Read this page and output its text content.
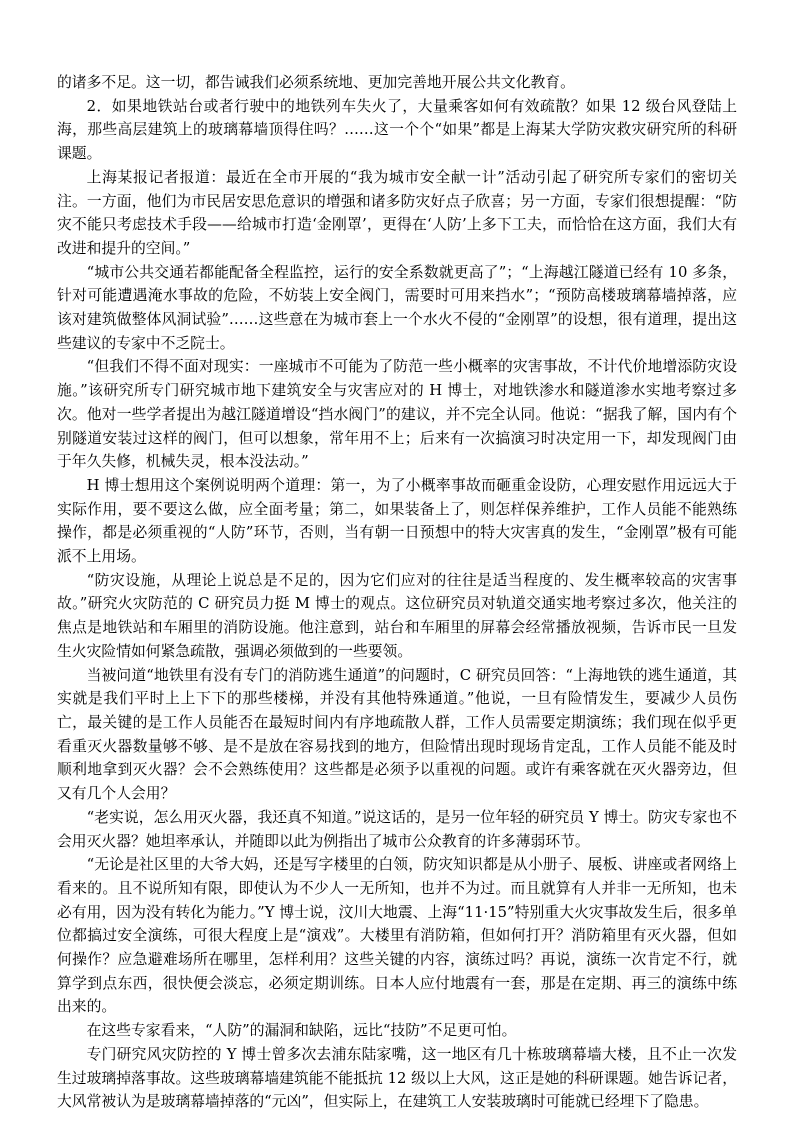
的诸多不足。这一切，都告诫我们必须系统地、更加完善地开展公共文化教育。

2．如果地铁站台或者行驶中的地铁列车失火了，大量乘客如何有效疏散？如果 12 级台风登陆上海，那些高层建筑上的玻璃幕墙顶得住吗？……这一个个“如果”都是上海某大学防灾救灾研究所的科研课题。

上海某报记者报道：最近在全市开展的“我为城市安全献一计”活动引起了研究所专家们的密切关注。一方面，他们为市民居安思危意识的增强和诸多防灾好点子欣喜；另一方面，专家们很想提醒：“防灾不能只考虑技术手段——给城市打造‘金刚罩’，更得在‘人防’上多下工夫，而恰恰在这方面，我们大有改进和提升的空间。”

“城市公共交通若都能配备全程监控，运行的安全系数就更高了”；“上海越江隧道已经有 10 多条，针对可能遭遇淹水事故的危险，不妨装上安全阀门，需要时可用来挡水”；“预防高楼玻璃幕墙掉落，应该对建筑做整体风洞试验”……这些意在为城市套上一个水火不侵的“金刚罩”的设想，很有道理，提出这些建议的专家中不乏院士。

“但我们不得不面对现实：一座城市不可能为了防范一些小概率的灾害事故，不计代价地增添防灾设施。”该研究所专门研究城市地下建筑安全与灾害应对的 H 博士，对地铁渗水和隧道渗水实地考察过多次。他对一些学者提出为越江隧道增设“挡水阀门”的建议，并不完全认同。他说：“据我了解，国内有个别隧道安装过这样的阀门，但可以想象，常年用不上；后来有一次搞演习时决定用一下，却发现阀门由于年久失修，机械失灵，根本没法动。”

H 博士想用这个案例说明两个道理：第一，为了小概率事故而砸重金设防，心理安慰作用远远大于实际作用，要不要这么做，应全面考量；第二，如果装备上了，则怎样保养维护，工作人员能不能熟练操作，都是必须重视的“人防”环节，否则，当有朝一日预想中的特大灾害真的发生，“金刚罩”极有可能派不上用场。

“防灾设施，从理论上说总是不足的，因为它们应对的往往是适当程度的、发生概率较高的灾害事故。”研究火灾防范的 C 研究员力挺 M 博士的观点。这位研究员对轨道交通实地考察过多次，他关注的焦点是地铁站和车厢里的消防设施。他注意到，站台和车厢里的屏幕会经常播放视频，告诉市民一旦发生火灾险情如何紧急疏散，强调必须做到的一些要领。

当被问道“地铁里有没有专门的消防逃生通道”的问题时，C 研究员回答：“上海地铁的逃生通道，其实就是我们平时上上下下的那些楼梯，并没有其他特殊通道。”他说，一旦有险情发生，要减少人员伤亡，最关键的是工作人员能否在最短时间内有序地疏散人群，工作人员需要定期演练；我们现在似乎更看重灭火器数量够不够、是不是放在容易找到的地方，但险情出现时现场肯定乱，工作人员能不能及时顺利地拿到灭火器？会不会熟练使用？这些都是必须予以重视的问题。或许有乘客就在灭火器旁边，但又有几个人会用？

“老实说，怎么用灭火器，我还真不知道。”说这话的，是另一位年轻的研究员 Y 博士。防灾专家也不会用灭火器？她坦率承认，并随即以此为例指出了城市公众教育的许多薄弱环节。

“无论是社区里的大爷大妈，还是写字楼里的白领，防灾知识都是从小册子、展板、讲座或者网络上看来的。且不说所知有限，即使认为不少人一无所知，也并不为过。而且就算有人并非一无所知，也未必有用，因为没有转化为能力。”Y 博士说，汶川大地震、上海“11·15”特别重大火灾事故发生后，很多单位都搞过安全演练，可很大程度上是“演戏”。大楼里有消防箱，但如何打开？消防箱里有灭火器，但如何操作？应急避难场所在哪里，怎样利用？这些关键的内容，演练过吗？再说，演练一次肯定不行，就算学到点东西，很快便会淡忘，必须定期训练。日本人应付地震有一套，那是在定期、再三的演练中练出来的。

在这些专家看来，“人防”的漏洞和缺陷，远比“技防”不足更可怕。

专门研究风灾防控的 Y 博士曾多次去浦东陆家嘴，这一地区有几十栋玻璃幕墙大楼，且不止一次发生过玻璃掉落事故。这些玻璃幕墙建筑能不能抵抗 12 级以上大风，这正是她的科研课题。她告诉记者，大风常被认为是玻璃幕墙掉落的“元凶”，但实际上，在建筑工人安装玻璃时可能就已经埋下了隐患。
